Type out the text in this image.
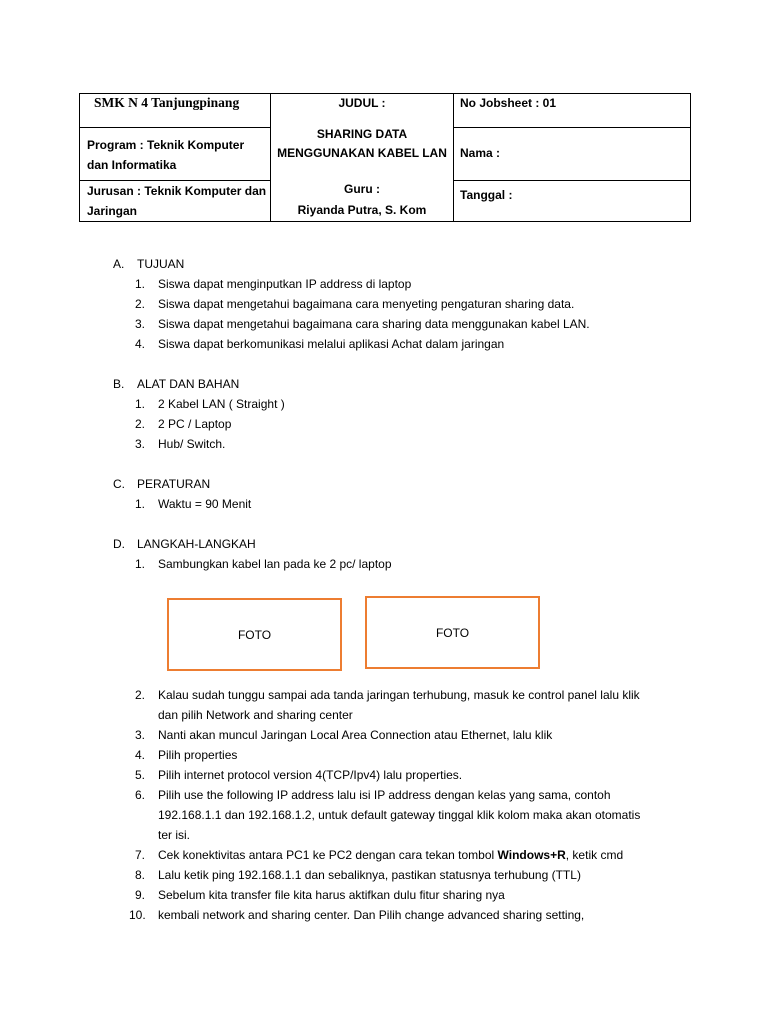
SMK N 4 Tanjungpinang
Program : Teknik Komputer dan Informatika
Jurusan : Teknik Komputer dan Jaringan
JUDUL :
SHARING DATA MENGGUNAKAN KABEL LAN
Guru :
Riyanda Putra, S. Kom
No Jobsheet : 01
Nama :
Tanggal :
A. TUJUAN
1. Siswa dapat menginputkan IP address di laptop
2. Siswa dapat mengetahui bagaimana cara menyeting pengaturan sharing data.
3. Siswa dapat mengetahui bagaimana cara sharing data menggunakan kabel LAN.
4. Siswa dapat berkomunikasi melalui aplikasi Achat dalam jaringan
B. ALAT DAN BAHAN
1. 2 Kabel LAN ( Straight )
2. 2 PC / Laptop
3. Hub/ Switch.
C. PERATURAN
1. Waktu = 90 Menit
D. LANGKAH-LANGKAH
1. Sambungkan kabel lan pada ke 2 pc/ laptop
FOTO	FOTO
2. Kalau sudah tunggu sampai ada tanda jaringan terhubung, masuk ke control panel lalu klik
dan pilih Network and sharing center
3. Nanti akan muncul Jaringan Local Area Connection atau Ethernet, lalu klik
4. Pilih properties
5. Pilih internet protocol version 4(TCP/Ipv4) lalu properties.
6. Pilih use the following IP address lalu isi IP address dengan kelas yang sama, contoh
192.168.1.1 dan 192.168.1.2, untuk default gateway tinggal klik kolom maka akan otomatis
ter isi.
7. Cek konektivitas antara PC1 ke PC2 dengan cara tekan tombol Windows+R, ketik cmd
8. Lalu ketik ping 192.168.1.1 dan sebaliknya, pastikan statusnya terhubung (TTL)
9. Sebelum kita transfer file kita harus aktifkan dulu fitur sharing nya
10. kembali network and sharing center. Dan Pilih change advanced sharing setting,
